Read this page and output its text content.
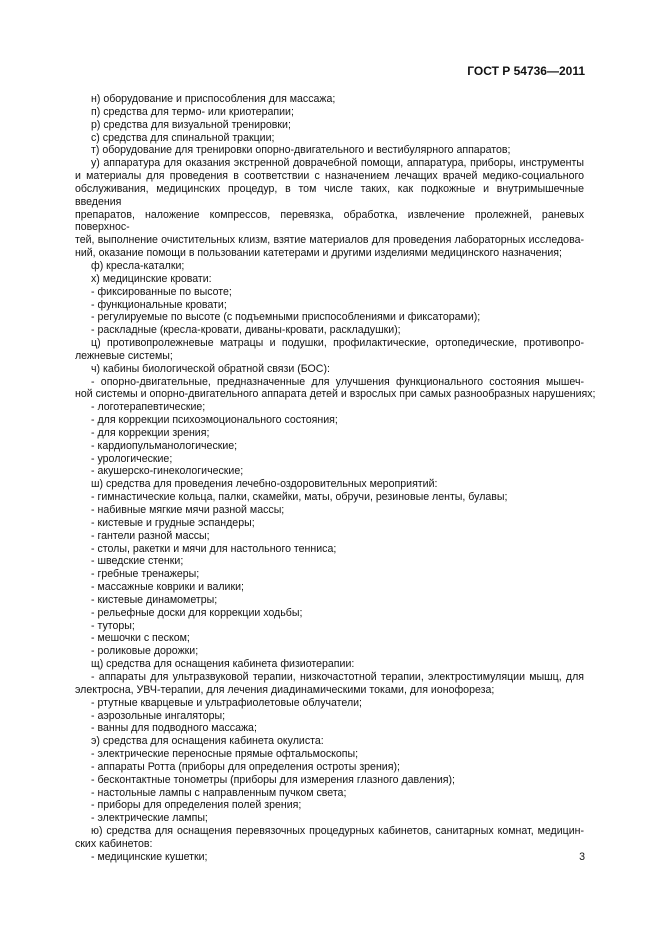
ГОСТ Р 54736—2011
н) оборудование и приспособления для массажа;
п) средства для термо- или криотерапии;
р) средства для визуальной тренировки;
с) средства для спинальной тракции;
т) оборудование для тренировки опорно-двигательного и вестибулярного аппаратов;
у) аппаратура для оказания экстренной доврачебной помощи, аппаратура, приборы, инструменты
и материалы для проведения в соответствии с назначением лечащих врачей медико-социального
обслуживания, медицинских процедур, в том числе таких, как подкожные и внутримышечные введения
препаратов, наложение компрессов, перевязка, обработка, извлечение пролежней, раневых поверхнос-
тей, выполнение очистительных клизм, взятие материалов для проведения лабораторных исследова-
ний, оказание помощи в пользовании катетерами и другими изделиями медицинского назначения;
ф) кресла-каталки;
х) медицинские кровати:
- фиксированные по высоте;
- функциональные кровати;
- регулируемые по высоте (с подъемными приспособлениями и фиксаторами);
- раскладные (кресла-кровати, диваны-кровати, раскладушки);
ц) противопролежневые матрацы и подушки, профилактические, ортопедические, противопро-
лежневые системы;
ч) кабины биологической обратной связи (БОС):
- опорно-двигательные, предназначенные для улучшения функционального состояния мышеч-
ной системы и опорно-двигательного аппарата детей и взрослых при самых разнообразных нарушениях;
- логотерапевтические;
- для коррекции психоэмоционального состояния;
- для коррекции зрения;
- кардиопульманологические;
- урологические;
- акушерско-гинекологические;
ш) средства для проведения лечебно-оздоровительных мероприятий:
- гимнастические кольца, палки, скамейки, маты, обручи, резиновые ленты, булавы;
- набивные мягкие мячи разной массы;
- кистевые и грудные эспандеры;
- гантели разной массы;
- столы, ракетки и мячи для настольного тенниса;
- шведские стенки;
- гребные тренажеры;
- массажные коврики и валики;
- кистевые динамометры;
- рельефные доски для коррекции ходьбы;
- туторы;
- мешочки с песком;
- роликовые дорожки;
щ) средства для оснащения кабинета физиотерапии:
- аппараты для ультразвуковой терапии, низкочастотной терапии, электростимуляции мышц, для
электросна, УВЧ-терапии, для лечения диадинамическими токами, для ионофореза;
- ртутные кварцевые и ультрафиолетовые облучатели;
- аэрозольные ингаляторы;
- ванны для подводного массажа;
э) средства для оснащения кабинета окулиста:
- электрические переносные прямые офтальмоскопы;
- аппараты Ротта (приборы для определения остроты зрения);
- бесконтактные тонометры (приборы для измерения глазного давления);
- настольные лампы с направленным пучком света;
- приборы для определения полей зрения;
- электрические лампы;
ю) средства для оснащения перевязочных процедурных кабинетов, санитарных комнат, медицин-
ских кабинетов:
- медицинские кушетки;	3
